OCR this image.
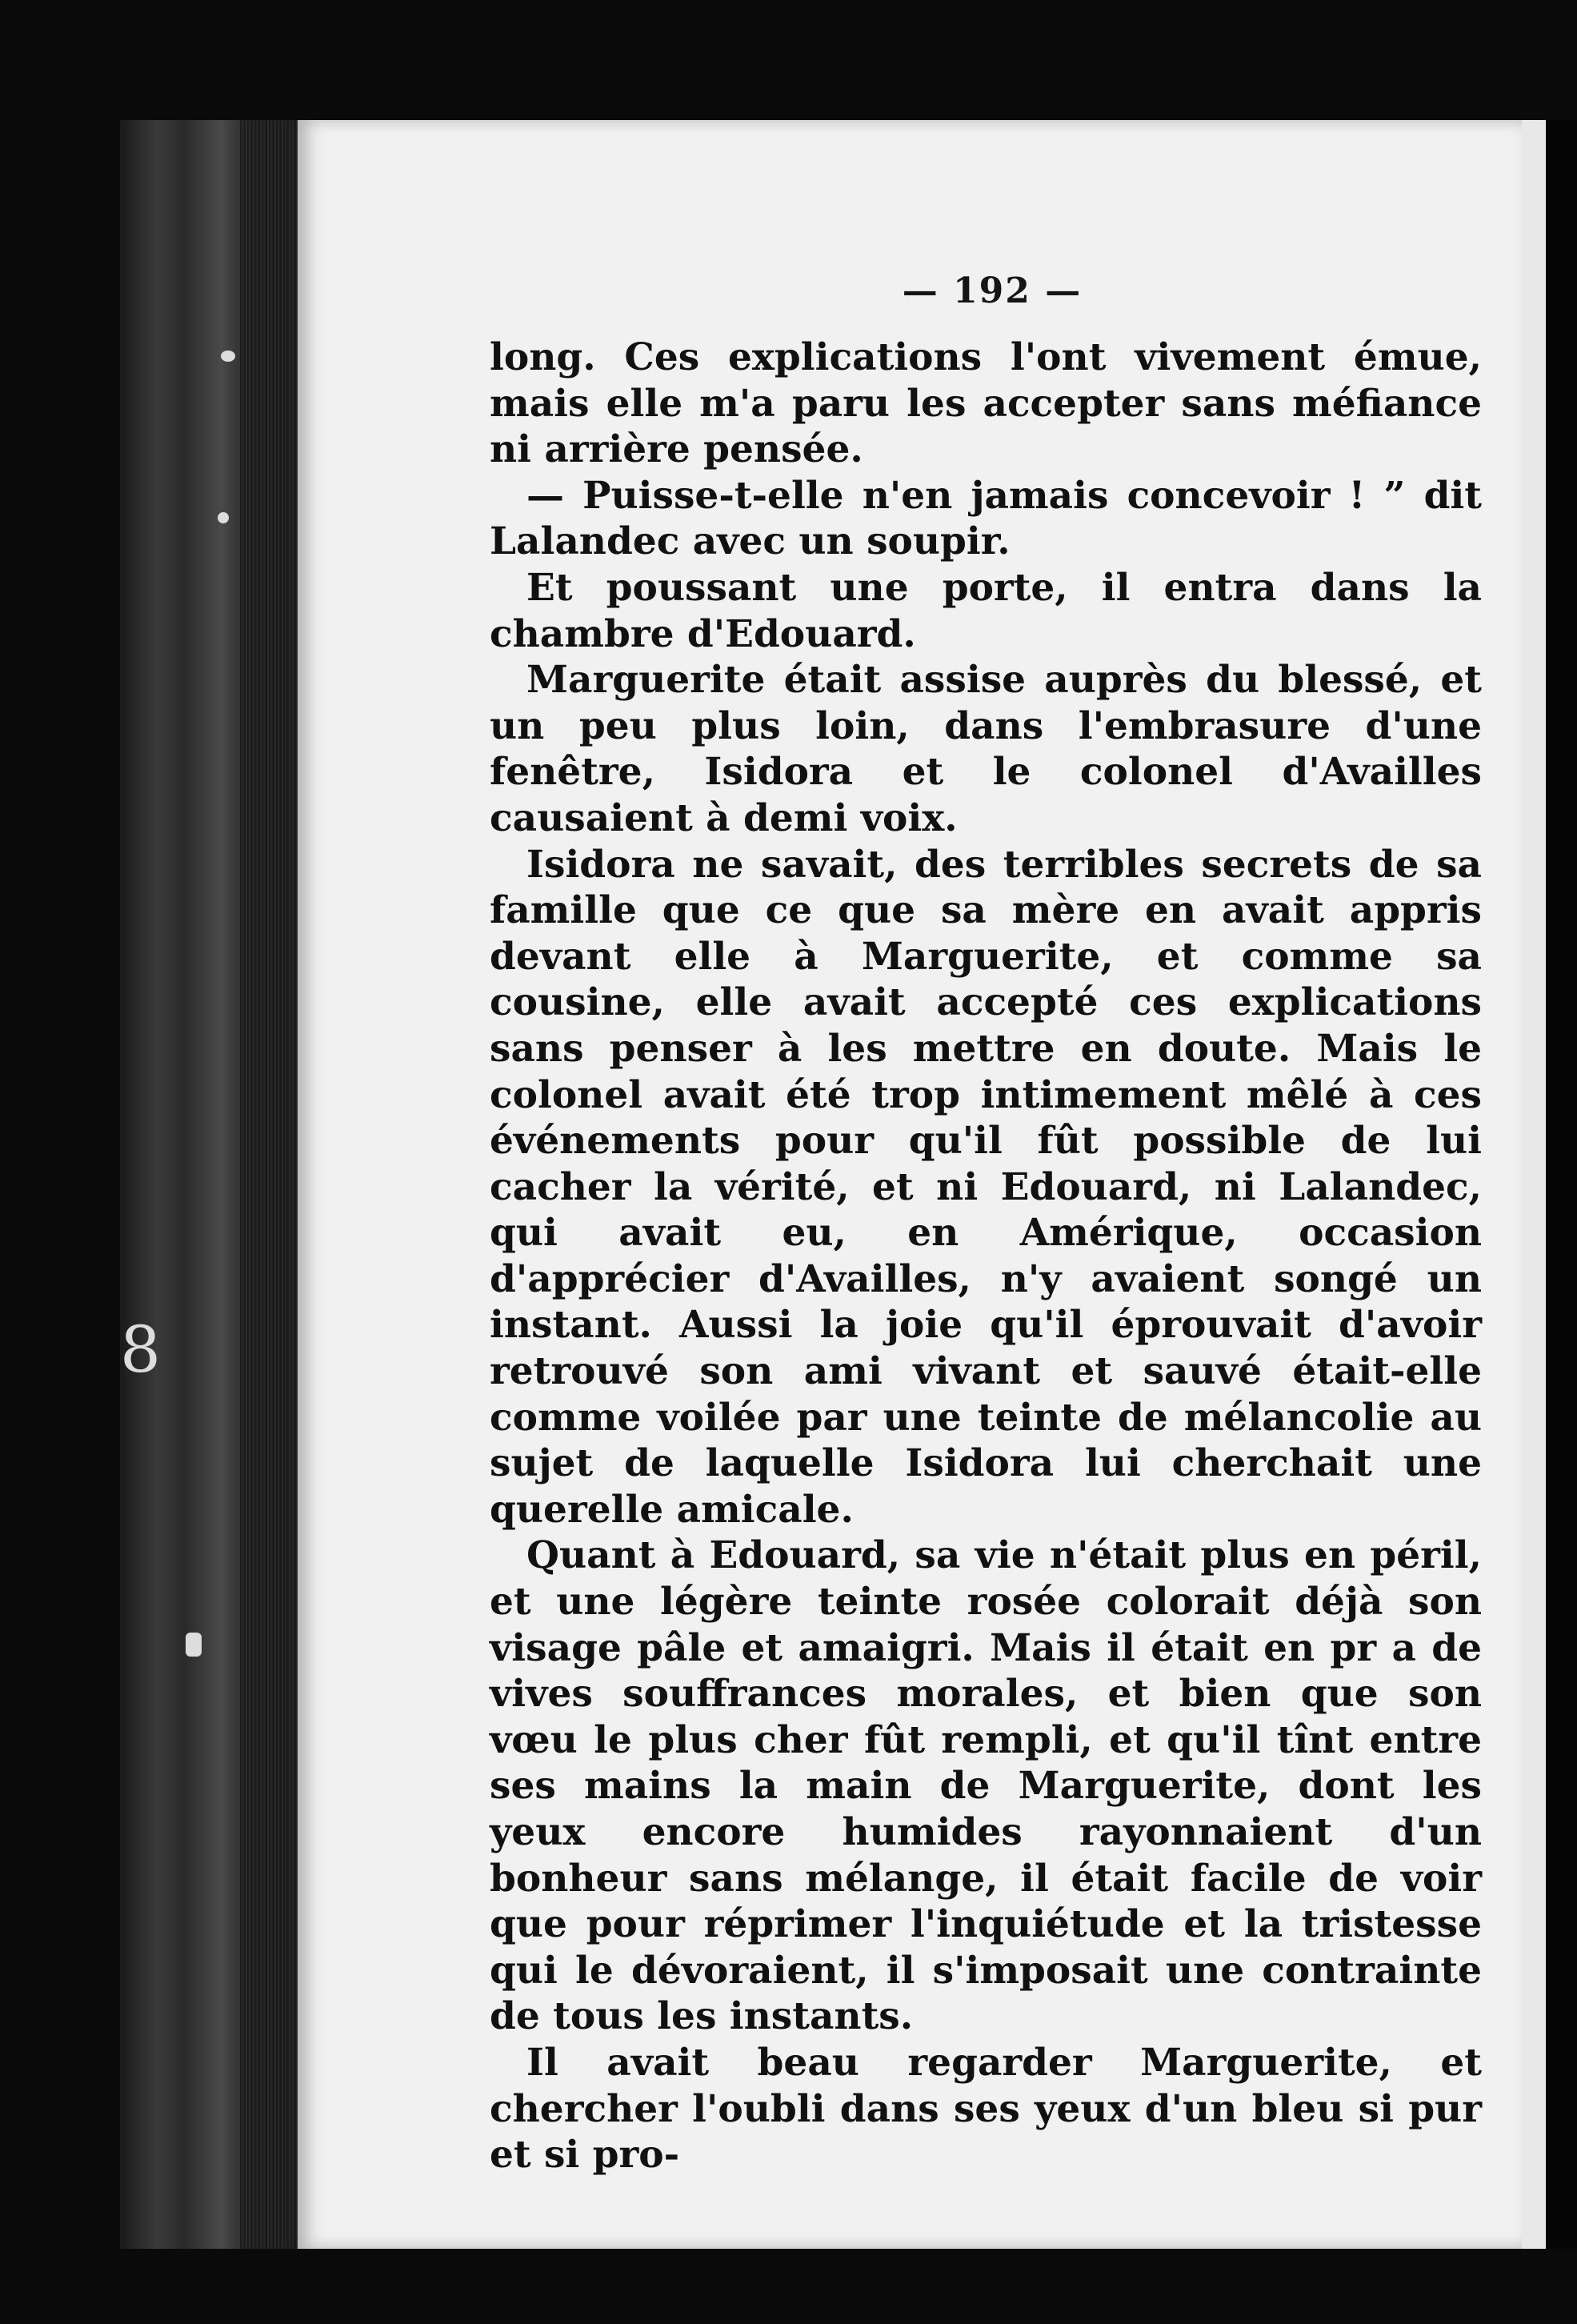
8
— 192 —

long. Ces explications l'ont vivement émue, mais elle m'a paru les accepter sans méfiance ni arrière pensée.

— Puisse-t-elle n'en jamais concevoir ! ” dit Lalandec avec un soupir.

Et poussant une porte, il entra dans la chambre d'Edouard.

Marguerite était assise auprès du blessé, et un peu plus loin, dans l'embrasure d'une fenêtre, Isidora et le colonel d'Availles causaient à demi voix.

Isidora ne savait, des terribles secrets de sa famille que ce que sa mère en avait appris devant elle à Marguerite, et comme sa cousine, elle avait accepté ces explications sans penser à les mettre en doute. Mais le colonel avait été trop intimement mêlé à ces événements pour qu'il fût possible de lui cacher la vérité, et ni Edouard, ni Lalandec, qui avait eu, en Amérique, occasion d'apprécier d'Availles, n'y avaient songé un instant. Aussi la joie qu'il éprouvait d'avoir retrouvé son ami vivant et sauvé était-elle comme voilée par une teinte de mélancolie au sujet de laquelle Isidora lui cherchait une querelle amicale.

Quant à Edouard, sa vie n'était plus en péril, et une légère teinte rosée colorait déjà son visage pâle et amaigri. Mais il était en pr a de vives souffrances morales, et bien que son vœu le plus cher fût rempli, et qu'il tînt entre ses mains la main de Marguerite, dont les yeux encore humides rayonnaient d'un bonheur sans mélange, il était facile de voir que pour réprimer l'inquiétude et la tristesse qui le dévoraient, il s'imposait une contrainte de tous les instants.

Il avait beau regarder Marguerite, et chercher l'oubli dans ses yeux d'un bleu si pur et si pro-
